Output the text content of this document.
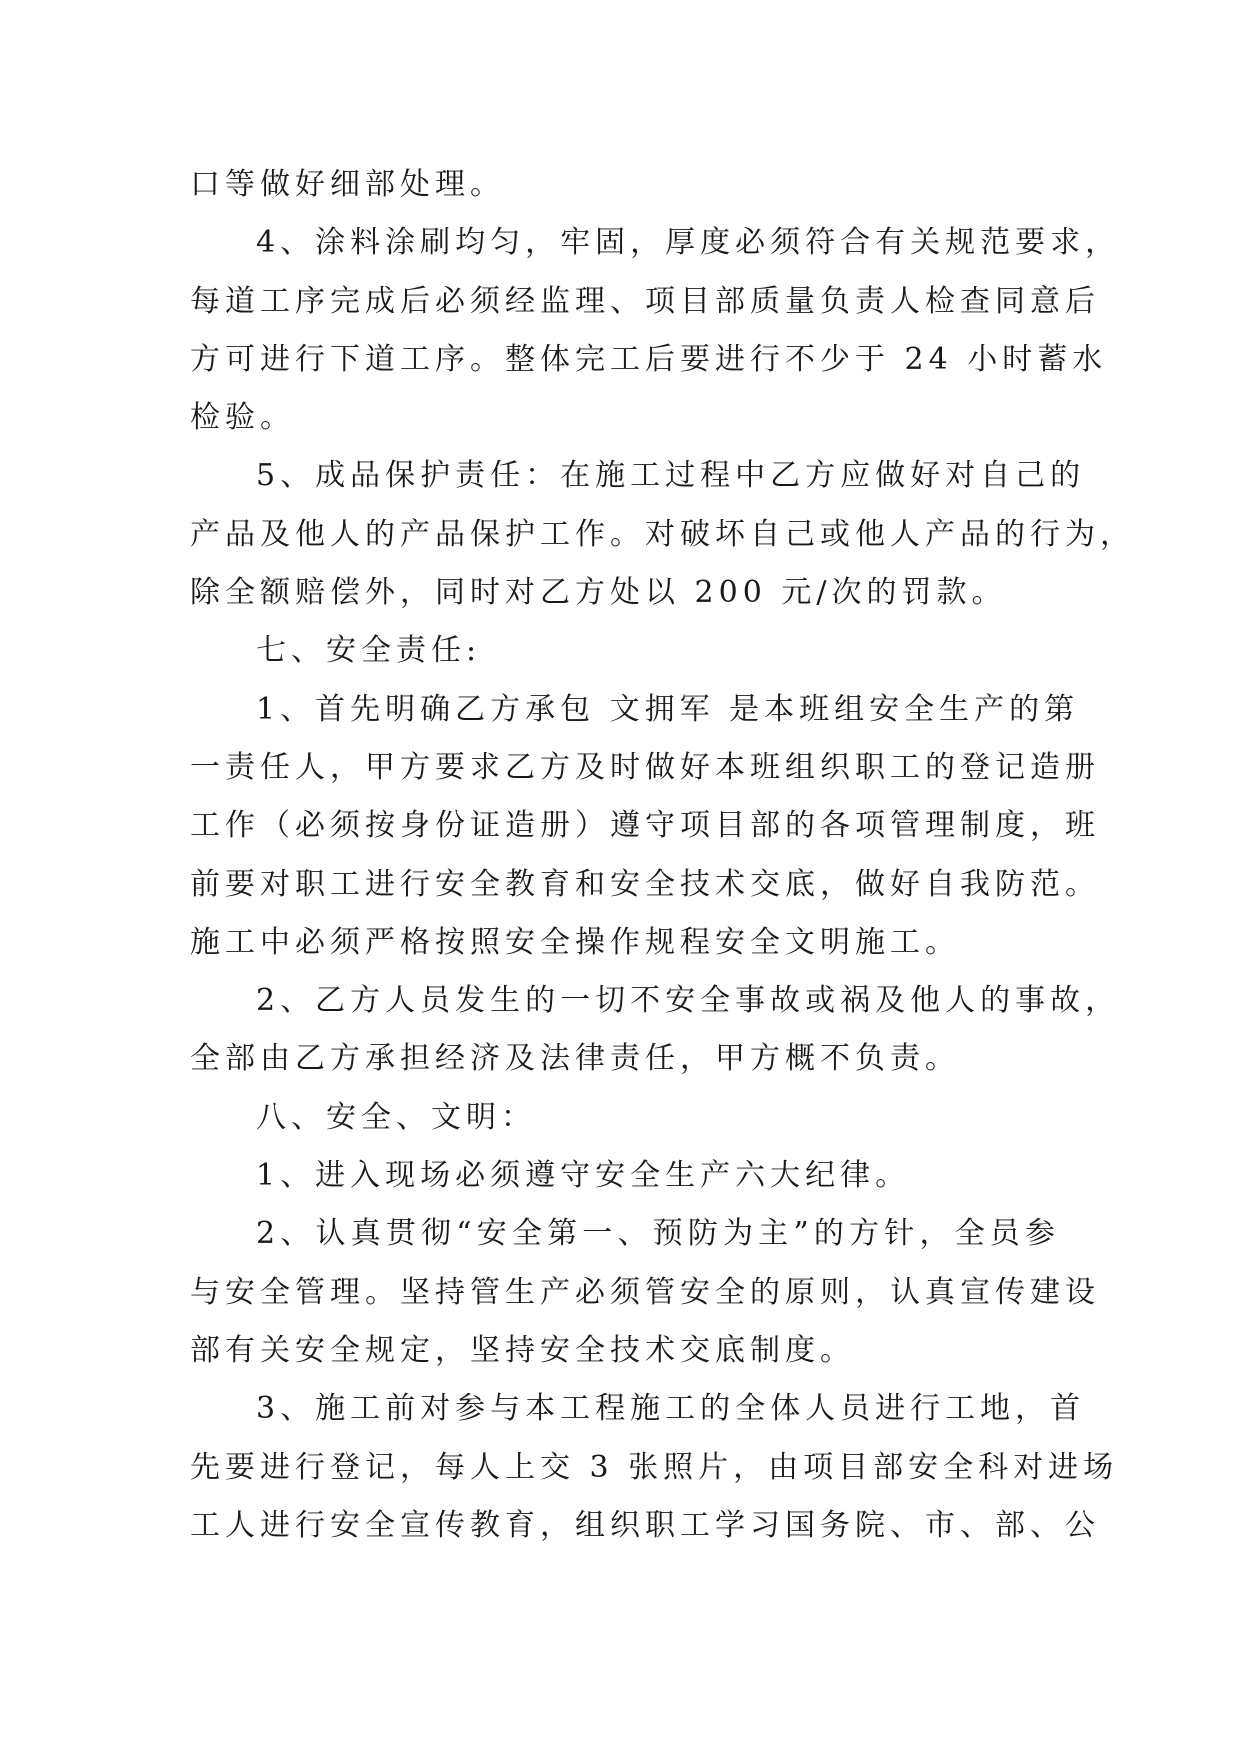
口等做好细部处理。
4、涂料涂刷均匀，牢固，厚度必须符合有关规范要求，
每道工序完成后必须经监理、项目部质量负责人检查同意后
方可进行下道工序。整体完工后要进行不少于 24 小时蓄水
检验。
5、成品保护责任：在施工过程中乙方应做好对自己的
产品及他人的产品保护工作。对破坏自己或他人产品的行为，
除全额赔偿外，同时对乙方处以 200 元/次的罚款。
七、安全责任:
1、首先明确乙方承包 文拥军 是本班组安全生产的第
一责任人，甲方要求乙方及时做好本班组织职工的登记造册
工作（必须按身份证造册）遵守项目部的各项管理制度，班
前要对职工进行安全教育和安全技术交底，做好自我防范。
施工中必须严格按照安全操作规程安全文明施工。
2、乙方人员发生的一切不安全事故或祸及他人的事故，
全部由乙方承担经济及法律责任，甲方概不负责。
八、安全、文明：
1、进入现场必须遵守安全生产六大纪律。
2、认真贯彻“安全第一、预防为主”的方针，全员参
与安全管理。坚持管生产必须管安全的原则，认真宣传建设
部有关安全规定，坚持安全技术交底制度。
3、施工前对参与本工程施工的全体人员进行工地，首
先要进行登记，每人上交 3 张照片，由项目部安全科对进场
工人进行安全宣传教育，组织职工学习国务院、市、部、公
